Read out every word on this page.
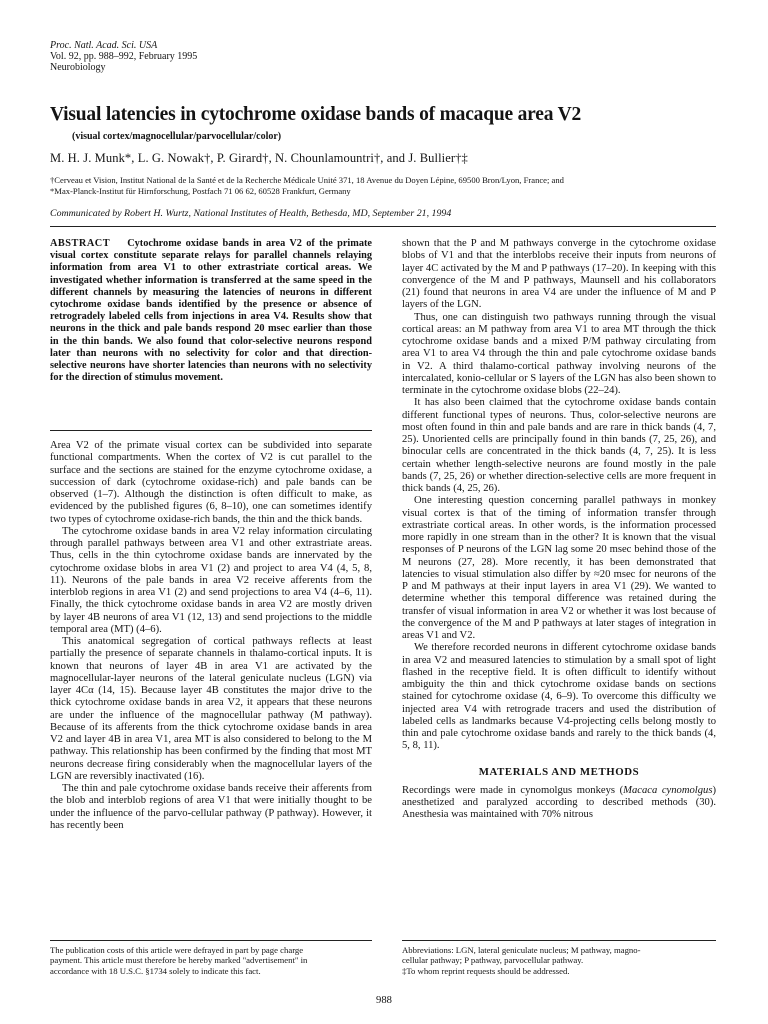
Proc. Natl. Acad. Sci. USA
Vol. 92, pp. 988–992, February 1995
Neurobiology
Visual latencies in cytochrome oxidase bands of macaque area V2
(visual cortex/magnocellular/parvocellular/color)
M. H. J. Munk*, L. G. Nowak†, P. Girard†, N. Chounlamountri†, and J. Bullier†‡
†Cerveau et Vision, Institut National de la Santé et de la Recherche Médicale Unité 371, 18 Avenue du Doyen Lépine, 69500 Bron/Lyon, France; and
*Max-Planck-Institut für Hirnforschung, Postfach 71 06 62, 60528 Frankfurt, Germany
Communicated by Robert H. Wurtz, National Institutes of Health, Bethesda, MD, September 21, 1994

ABSTRACT Cytochrome oxidase bands in area V2 of the primate visual cortex constitute separate relays for parallel channels relaying information from area V1 to other extrastriate cortical areas. We investigated whether information is transferred at the same speed in the different channels by measuring the latencies of neurons in different cytochrome oxidase bands identified by the presence or absence of retrogradely labeled cells from injections in area V4. Results show that neurons in the thick and pale bands respond 20 msec earlier than those in the thin bands. We also found that color-selective neurons respond later than neurons with no selectivity for color and that direction-selective neurons have shorter latencies than neurons with no selectivity for the direction of stimulus movement.

Area V2 of the primate visual cortex can be subdivided into separate functional compartments. When the cortex of V2 is cut parallel to the surface and the sections are stained for the enzyme cytochrome oxidase, a succession of dark (cytochrome oxidase-rich) and pale bands can be observed (1–7). Although the distinction is often difficult to make, as evidenced by the published figures (6, 8–10), one can sometimes identify two types of cytochrome oxidase-rich bands, the thin and the thick bands.

The cytochrome oxidase bands in area V2 relay information circulating through parallel pathways between area V1 and other extrastriate areas. Thus, cells in the thin cytochrome oxidase bands are innervated by the cytochrome oxidase blobs in area V1 (2) and project to area V4 (4, 5, 8, 11). Neurons of the pale bands in area V2 receive afferents from the interblob regions in area V1 (2) and send projections to area V4 (4–6, 11). Finally, the thick cytochrome oxidase bands in area V2 are mostly driven by layer 4B neurons of area V1 (12, 13) and send projections to the middle temporal area (MT) (4–6).

This anatomical segregation of cortical pathways reflects at least partially the presence of separate channels in thalamo-cortical inputs. It is known that neurons of layer 4B in area V1 are activated by the magnocellular-layer neurons of the lateral geniculate nucleus (LGN) via layer 4Cα (14, 15). Because layer 4B constitutes the major drive to the thick cytochrome oxidase bands in area V2, it appears that these neurons are under the influence of the magnocellular pathway (M pathway). Because of its afferents from the thick cytochrome oxidase bands in area V2 and layer 4B in area V1, area MT is also considered to belong to the M pathway. This relationship has been confirmed by the finding that most MT neurons decrease firing considerably when the magnocellular layers of the LGN are reversibly inactivated (16).

The thin and pale cytochrome oxidase bands receive their afferents from the blob and interblob regions of area V1 that were initially thought to be under the influence of the parvo-cellular pathway (P pathway). However, it has recently been

shown that the P and M pathways converge in the cytochrome oxidase blobs of V1 and that the interblobs receive their inputs from neurons of layer 4C activated by the M and P pathways (17–20). In keeping with this convergence of the M and P pathways, Maunsell and his collaborators (21) found that neurons in area V4 are under the influence of M and P layers of the LGN.

Thus, one can distinguish two pathways running through the visual cortical areas: an M pathway from area V1 to area MT through the thick cytochrome oxidase bands and a mixed P/M pathway circulating from area V1 to area V4 through the thin and pale cytochrome oxidase bands in V2. A third thalamo-cortical pathway involving neurons of the intercalated, konio-cellular or S layers of the LGN has also been shown to terminate in the cytochrome oxidase blobs (22–24).

It has also been claimed that the cytochrome oxidase bands contain different functional types of neurons. Thus, color-selective neurons are most often found in thin and pale bands and are rare in thick bands (4, 7, 25). Unoriented cells are principally found in thin bands (7, 25, 26), and binocular cells are concentrated in the thick bands (4, 7, 25). It is less certain whether length-selective neurons are found mostly in the pale bands (7, 25, 26) or whether direction-selective cells are more frequent in thick bands (4, 25, 26).

One interesting question concerning parallel pathways in monkey visual cortex is that of the timing of information transfer through extrastriate cortical areas. In other words, is the information processed more rapidly in one stream than in the other? It is known that the visual responses of P neurons of the LGN lag some 20 msec behind those of the M neurons (27, 28). More recently, it has been demonstrated that latencies to visual stimulation also differ by ≈20 msec for neurons of the P and M pathways at their input layers in area V1 (29). We wanted to determine whether this temporal difference was retained during the transfer of visual information in area V2 or whether it was lost because of the convergence of the M and P pathways at later stages of integration in areas V1 and V2.

We therefore recorded neurons in different cytochrome oxidase bands in area V2 and measured latencies to stimulation by a small spot of light flashed in the receptive field. It is often difficult to identify without ambiguity the thin and thick cytochrome oxidase bands on sections stained for cytochrome oxidase (4, 6–9). To overcome this difficulty we injected area V4 with retrograde tracers and used the distribution of labeled cells as landmarks because V4-projecting cells belong mostly to thin and pale cytochrome oxidase bands and rarely to the thick bands (4, 5, 8, 11).

MATERIALS AND METHODS

Recordings were made in cynomolgus monkeys (Macaca cynomolgus) anesthetized and paralyzed according to described methods (30). Anesthesia was maintained with 70% nitrous

The publication costs of this article were defrayed in part by page charge
payment. This article must therefore be hereby marked "advertisement" in
accordance with 18 U.S.C. §1734 solely to indicate this fact.
Abbreviations: LGN, lateral geniculate nucleus; M pathway, magno-
cellular pathway; P pathway, parvocellular pathway.
‡To whom reprint requests should be addressed.
988
